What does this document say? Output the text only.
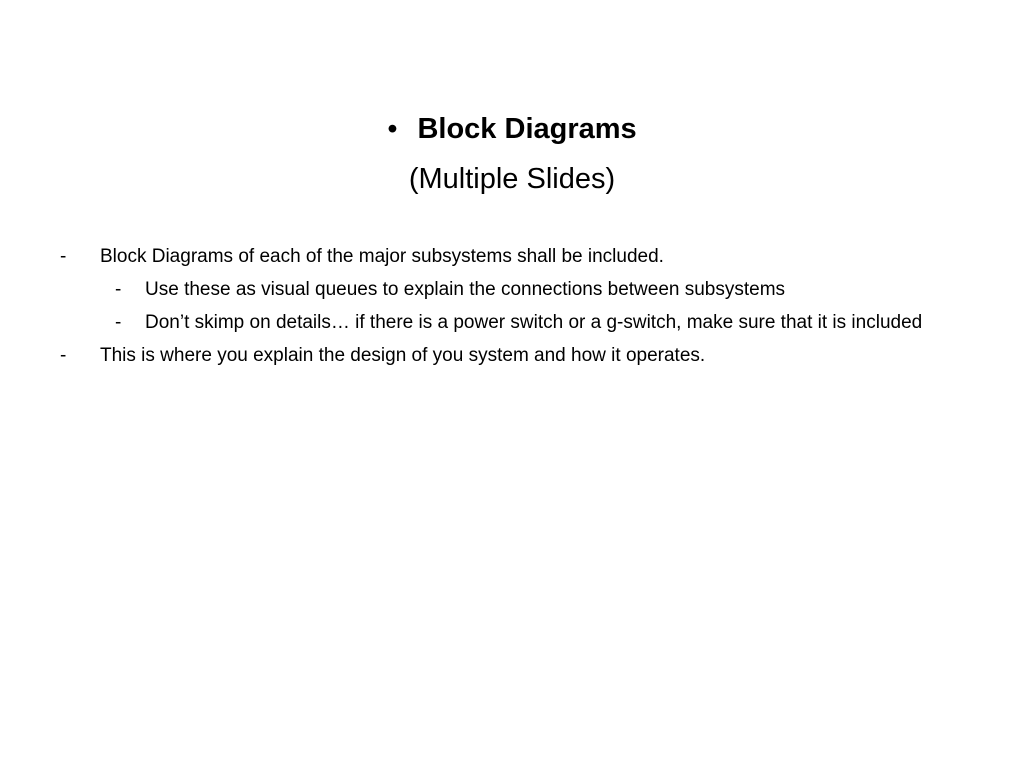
• Block Diagrams
(Multiple Slides)
- Block Diagrams of each of the major subsystems shall be included.
- Use these as visual queues to explain the connections between subsystems
- Don’t skimp on details… if there is a power switch or a g-switch, make sure that it is included
- This is where you explain the design of you system and how it operates.
